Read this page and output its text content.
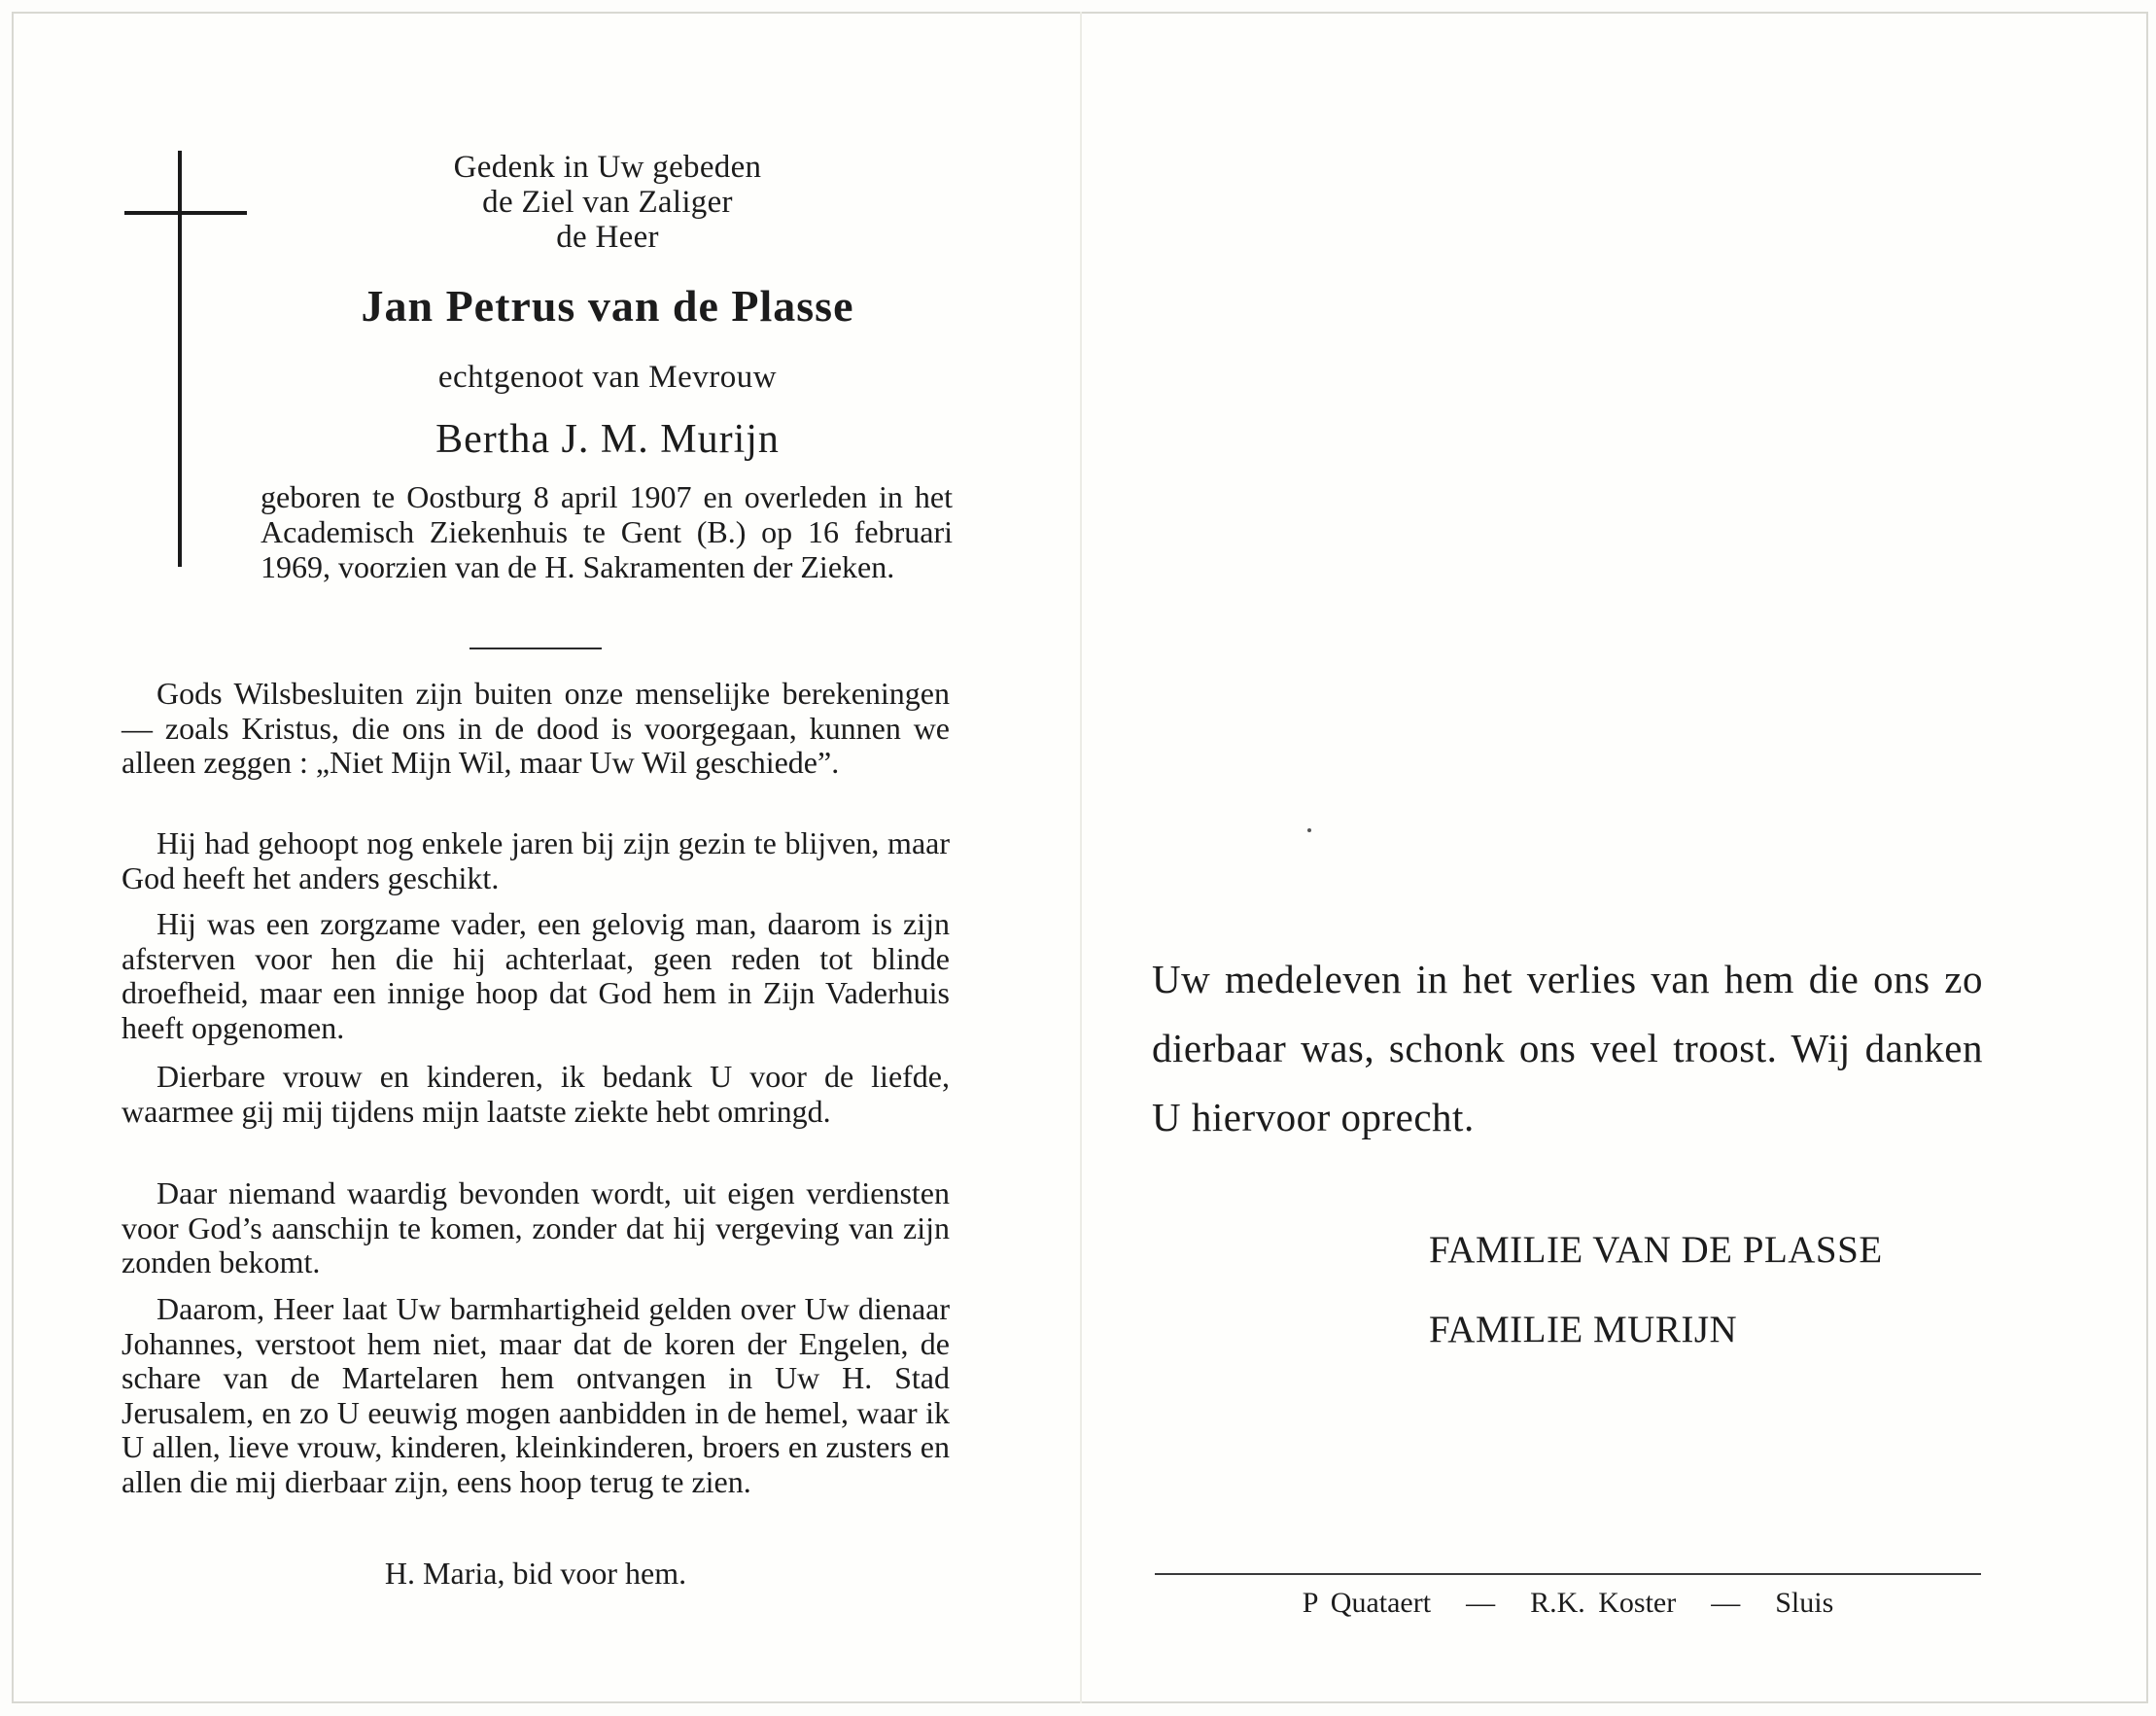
Gedenk in Uw gebeden
de Ziel van Zaliger
de Heer
Jan Petrus van de Plasse
echtgenoot van Mevrouw
Bertha J. M. Murijn
geboren te Oostburg 8 april 1907 en overleden in het Academisch Ziekenhuis te Gent (B.) op 16 februari 1969, voorzien van de H. Sakramenten der Zieken.
Gods Wilsbesluiten zijn buiten onze menselijke berekeningen — zoals Kristus, die ons in de dood is voorgegaan, kunnen we alleen zeggen : „Niet Mijn Wil, maar Uw Wil geschiede”.
Hij had gehoopt nog enkele jaren bij zijn gezin te blijven, maar God heeft het anders geschikt.
Hij was een zorgzame vader, een gelovig man, daarom is zijn afsterven voor hen die hij achterlaat, geen reden tot blinde droefheid, maar een innige hoop dat God hem in Zijn Vaderhuis heeft opgenomen.
Dierbare vrouw en kinderen, ik bedank U voor de liefde, waarmee gij mij tijdens mijn laatste ziekte hebt omringd.
Daar niemand waardig bevonden wordt, uit eigen verdiensten voor God’s aanschijn te komen, zonder dat hij vergeving van zijn zonden bekomt.
Daarom, Heer laat Uw barmhartigheid gelden over Uw dienaar Johannes, verstoot hem niet, maar dat de koren der Engelen, de schare van de Martelaren hem ontvangen in Uw H. Stad Jerusalem, en zo U eeuwig mogen aanbidden in de hemel, waar ik U allen, lieve vrouw, kinderen, kleinkinderen, broers en zusters en allen die mij dierbaar zijn, eens hoop terug te zien.
H. Maria, bid voor hem.
Uw medeleven in het verlies van hem die ons zo dierbaar was, schonk ons veel troost. Wij danken U hiervoor oprecht.
FAMILIE VAN DE PLASSE
FAMILIE MURIJN
P Quataert — R.K. Koster — Sluis
